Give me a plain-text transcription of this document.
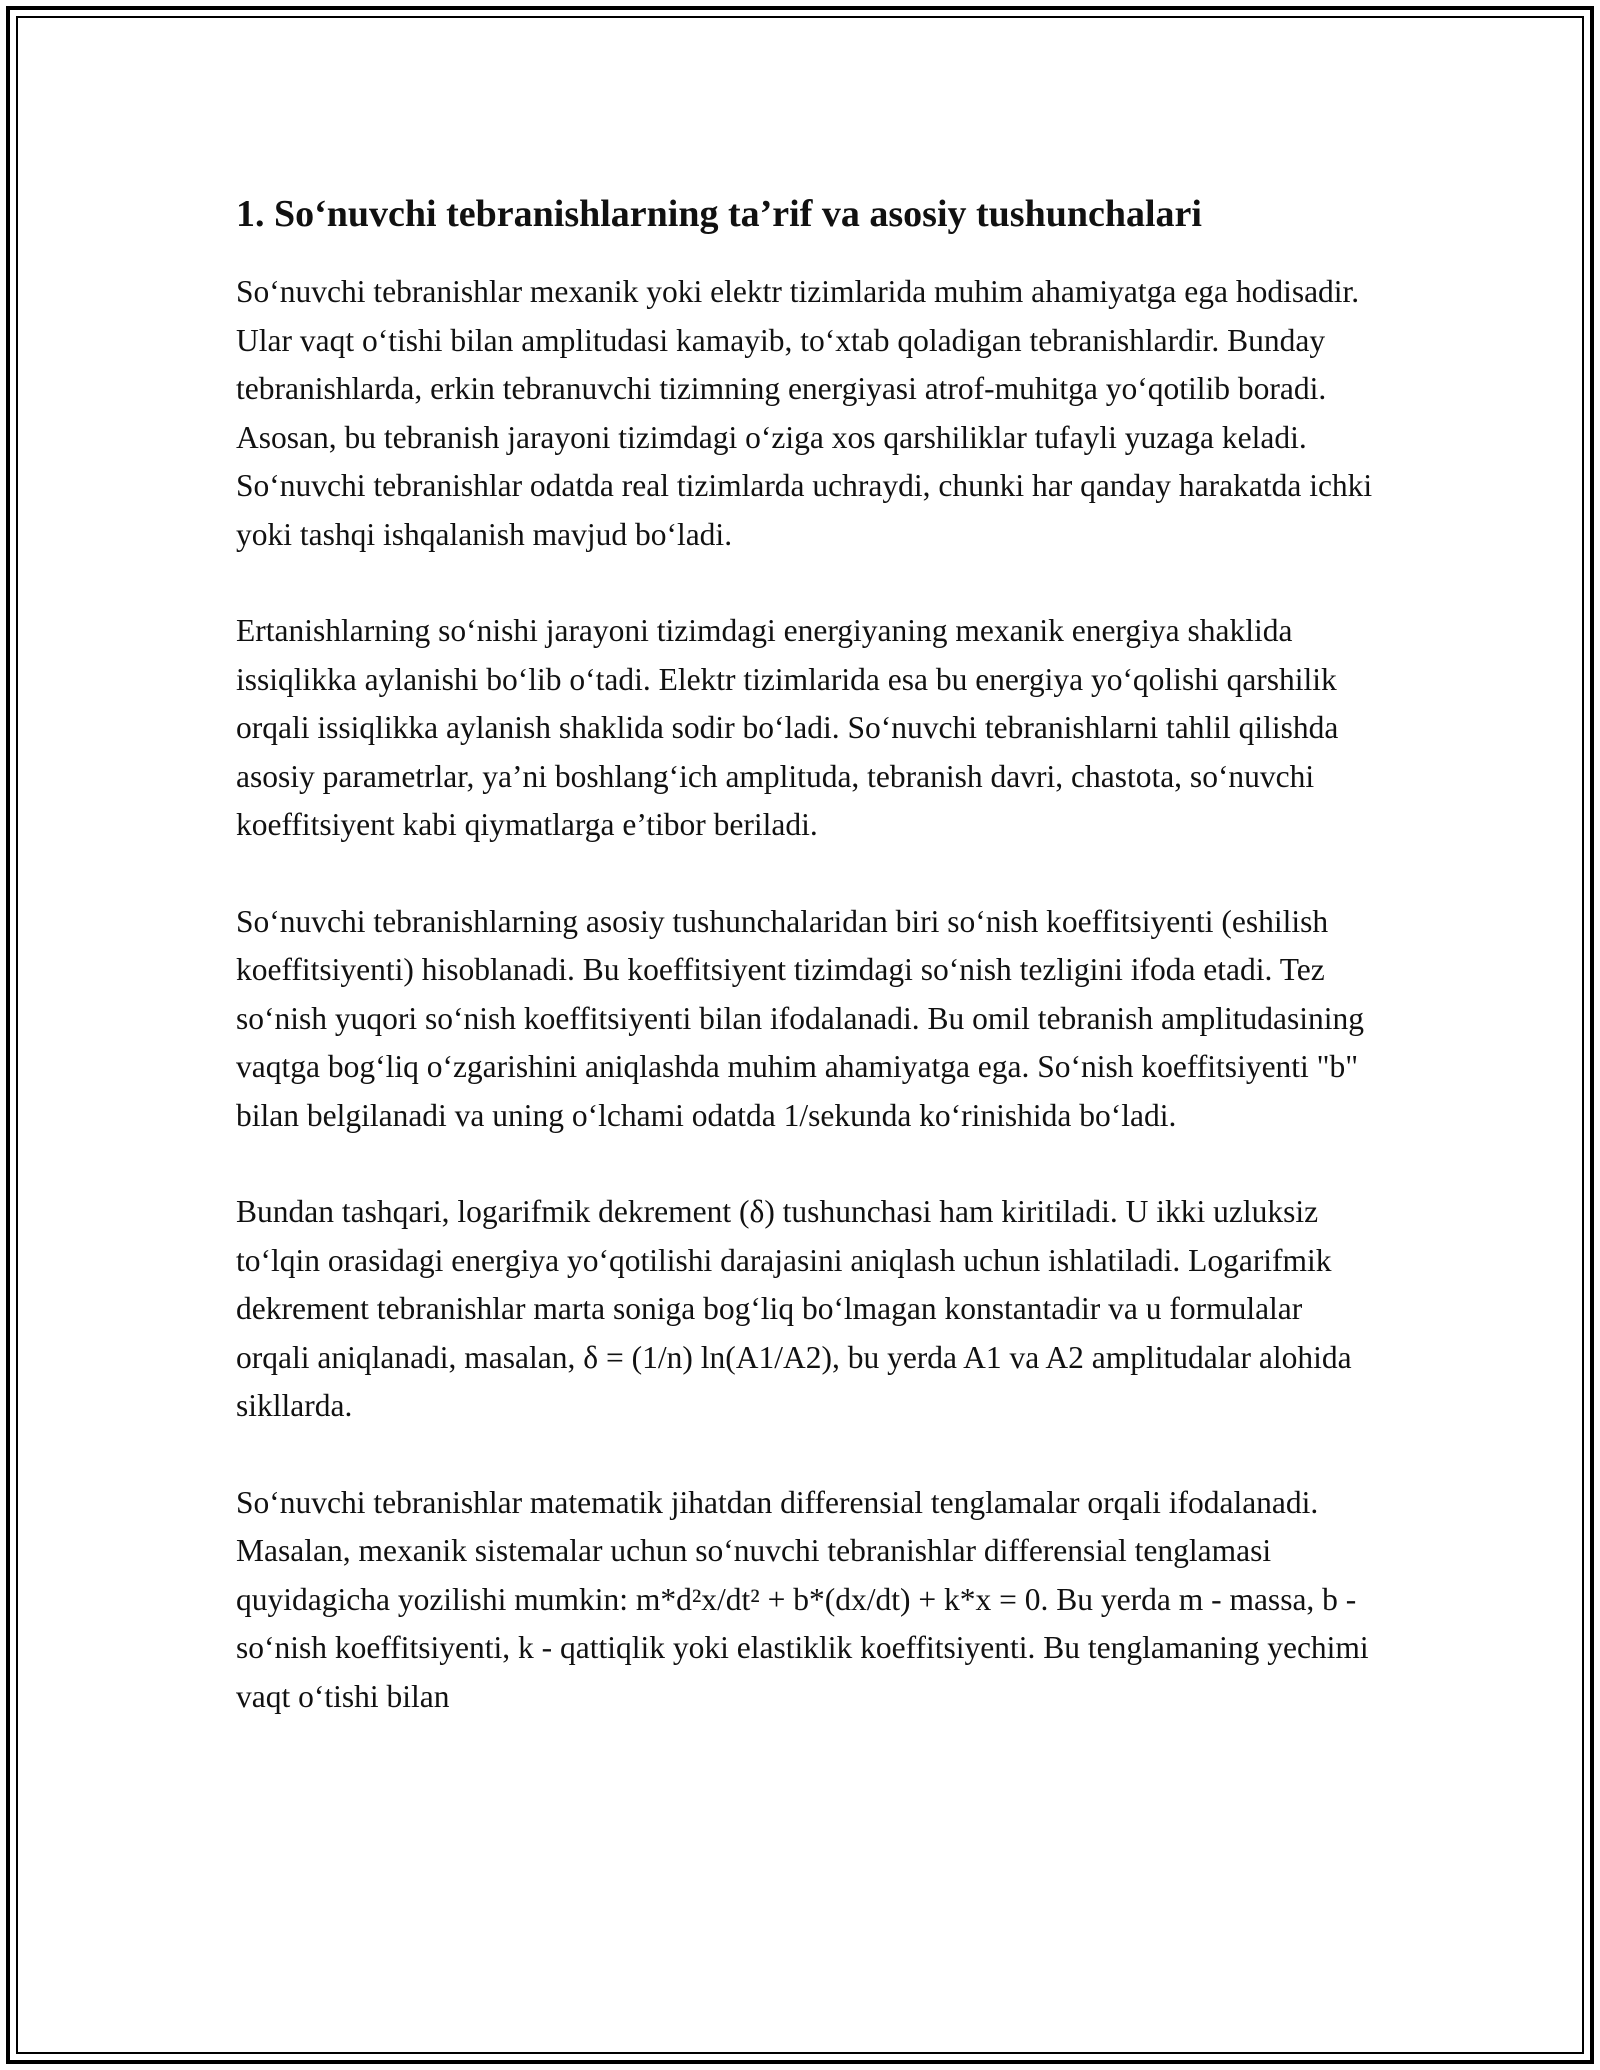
1. So‘nuvchi tebranishlarning ta’rif va asosiy tushunchalari

So‘nuvchi tebranishlar mexanik yoki elektr tizimlarida muhim ahamiyatga ega hodisadir. Ular vaqt o‘tishi bilan amplitudasi kamayib, to‘xtab qoladigan tebranishlardir. Bunday tebranishlarda, erkin tebranuvchi tizimning energiyasi atrof-muhitga yo‘qotilib boradi. Asosan, bu tebranish jarayoni tizimdagi o‘ziga xos qarshiliklar tufayli yuzaga keladi. So‘nuvchi tebranishlar odatda real tizimlarda uchraydi, chunki har qanday harakatda ichki yoki tashqi ishqalanish mavjud bo‘ladi.

Ertanishlarning so‘nishi jarayoni tizimdagi energiyaning mexanik energiya shaklida issiqlikka aylanishi bo‘lib o‘tadi. Elektr tizimlarida esa bu energiya yo‘qolishi qarshilik orqali issiqlikka aylanish shaklida sodir bo‘ladi. So‘nuvchi tebranishlarni tahlil qilishda asosiy parametrlar, ya’ni boshlang‘ich amplituda, tebranish davri, chastota, so‘nuvchi koeffitsiyent kabi qiymatlarga e’tibor beriladi.

So‘nuvchi tebranishlarning asosiy tushunchalaridan biri so‘nish koeffitsiyenti (eshilish koeffitsiyenti) hisoblanadi. Bu koeffitsiyent tizimdagi so‘nish tezligini ifoda etadi. Tez so‘nish yuqori so‘nish koeffitsiyenti bilan ifodalanadi. Bu omil tebranish amplitudasining vaqtga bog‘liq o‘zgarishini aniqlashda muhim ahamiyatga ega. So‘nish koeffitsiyenti "b" bilan belgilanadi va uning o‘lchami odatda 1/sekunda ko‘rinishida bo‘ladi.

Bundan tashqari, logarifmik dekrement (δ) tushunchasi ham kiritiladi. U ikki uzluksiz to‘lqin orasidagi energiya yo‘qotilishi darajasini aniqlash uchun ishlatiladi. Logarifmik dekrement tebranishlar marta soniga bog‘liq bo‘lmagan konstantadir va u formulalar orqali aniqlanadi, masalan, δ = (1/n) ln(A1/A2), bu yerda A1 va A2 amplitudalar alohida sikllarda.

So‘nuvchi tebranishlar matematik jihatdan differensial tenglamalar orqali ifodalanadi. Masalan, mexanik sistemalar uchun so‘nuvchi tebranishlar differensial tenglamasi quyidagicha yozilishi mumkin: m*d²x/dt² + b*(dx/dt) + k*x = 0. Bu yerda m - massa, b - so‘nish koeffitsiyenti, k - qattiqlik yoki elastiklik koeffitsiyenti. Bu tenglamaning yechimi vaqt o‘tishi bilan
